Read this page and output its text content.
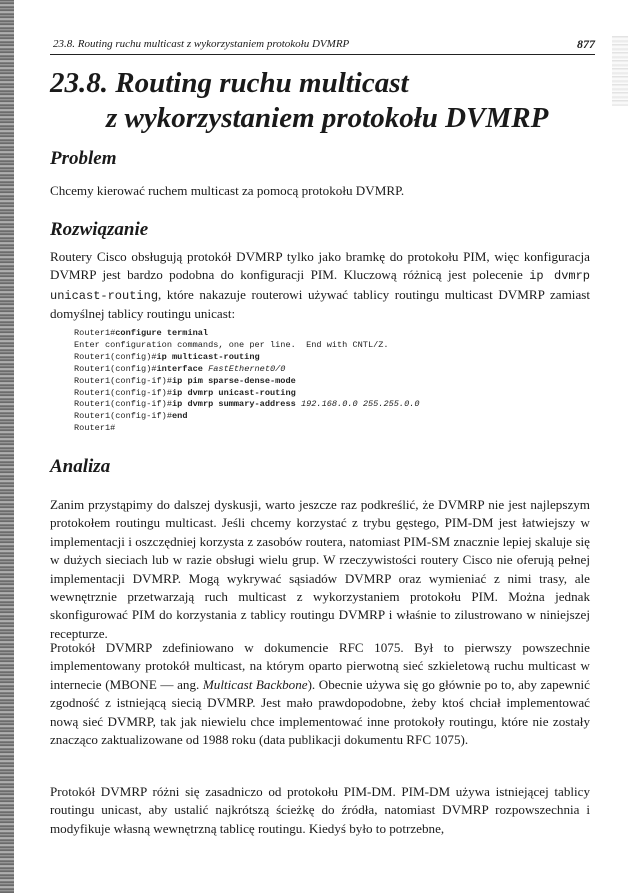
23.8. Routing ruchu multicast z wykorzystaniem protokołu DVMRP	877
23.8. Routing ruchu multicast
z wykorzystaniem protokołu DVMRP
Problem

Chcemy kierować ruchem multicast za pomocą protokołu DVMRP.

Rozwiązanie

Routery Cisco obsługują protokół DVMRP tylko jako bramkę do protokołu PIM, więc konfiguracja DVMRP jest bardzo podobna do konfiguracji PIM. Kluczową różnicą jest polecenie ip dvmrp unicast-routing, które nakazuje routerowi używać tablicy routingu multicast DVMRP zamiast domyślnej tablicy routingu unicast:

Router1#configure terminal
Enter configuration commands, one per line.  End with CNTL/Z.
Router1(config)#ip multicast-routing
Router1(config)#interface FastEthernet0/0
Router1(config-if)#ip pim sparse-dense-mode
Router1(config-if)#ip dvmrp unicast-routing
Router1(config-if)#ip dvmrp summary-address 192.168.0.0 255.255.0.0
Router1(config-if)#end
Router1#
Analiza

Zanim przystąpimy do dalszej dyskusji, warto jeszcze raz podkreślić, że DVMRP nie jest najlepszym protokołem routingu multicast. Jeśli chcemy korzystać z trybu gęstego, PIM-DM jest łatwiejszy w implementacji i oszczędniej korzysta z zasobów routera, natomiast PIM-SM znacznie lepiej skaluje się w dużych sieciach lub w razie obsługi wielu grup. W rzeczywistości routery Cisco nie oferują pełnej implementacji DVMRP. Mogą wykrywać sąsiadów DVMRP oraz wymieniać z nimi trasy, ale wewnętrznie przetwarzają ruch multicast z wykorzystaniem protokołu PIM. Można jednak skonfigurować PIM do korzystania z tablicy routingu DVMRP i właśnie to zilustrowano w niniejszej recepturze.

Protokół DVMRP zdefiniowano w dokumencie RFC 1075. Był to pierwszy powszechnie implementowany protokół multicast, na którym oparto pierwotną sieć szkieletową ruchu multicast w internecie (MBONE — ang. Multicast Backbone). Obecnie używa się go głównie po to, aby zapewnić zgodność z istniejącą siecią DVMRP. Jest mało prawdopodobne, żeby ktoś chciał implementować nową sieć DVMRP, tak jak niewielu chce implementować inne protokoły routingu, które nie zostały znacząco zaktualizowane od 1988 roku (data publikacji dokumentu RFC 1075).

Protokół DVMRP różni się zasadniczo od protokołu PIM-DM. PIM-DM używa istniejącej tablicy routingu unicast, aby ustalić najkrótszą ścieżkę do źródła, natomiast DVMRP rozpowszechnia i modyfikuje własną wewnętrzną tablicę routingu. Kiedyś było to potrzebne,
